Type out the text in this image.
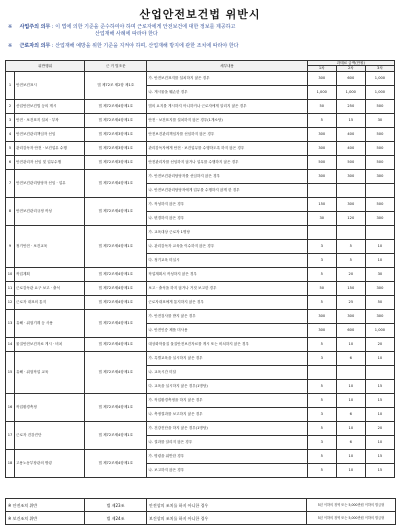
산업안전보건법 위반시
※ 사업주의 의무 : 이 법에 의한 기준을 준수하여야 하며 근로자에게 안전보건에 대한 정보를 제공하고
산업재해 사례에 따라야 한다
※ 근로자의 의무 : 산업재해 예방을 위한 기준을 지켜야 하며, 산업재해 방지에 관한 조치에 따라야 한다
위반행위		근 거 법조문	세부내용	과태료 금액(만원)		
				1차	2차	3차
1	안전보건표시	법 제72조 제2항 제1호	가. 안전보건표지를 설치하지 않은 경우	300	600	1,000
			나. 게시물을 훼손한 경우	1,000	1,000	1,000
2	산업안전보건법 등의 게시	법 제72조제4항제1호	법의 요지를 게시하지 아니하거나 근로자에게 알리지 않은 경우	50	250	500
3	안전 · 보건표지 설치 · 부착	법 제72조제4항제1호	안전 · 보건표지를 설치하지 않은 경우(1개소당)	5	15	30
4	안전보건관리책임자 선임	법 제72조제3항제1호	안전보건관리책임자를 선임하지 않은 경우	300	400	500
5	관리감독자 안전 · 보건업무 수행	법 제72조제3항제1호	관리감독자에게 안전 · 보건업무를 수행하도록 하지 않은 경우	300	400	500
6	안전관리자 선임 및 업무수행	법 제72조제3항제1호	안전관리자를 선임하지 않거나 업무를 수행하지 않은 경우	500	500	500
7	안전보건관리담당자 선임 · 업무	법 제72조제4항제1호	가. 안전보건관리담당자를 선임하지 않은 경우	300	300	300
			나. 안전보건관리담당자에게 업무를 수행하지 않게 한 경우			
8	안전보건관리규정 작성	법 제72조제4항제1호	가. 작성하지 않은 경우	150	300	500
			나. 변경하지 않은 경우	30	120	300
9	정기안전 · 보건교육	법 제72조제4항제1호	가. 교육대상 근로자 1명당			
			나. 관리감독자 교육을 이수하지 않은 경우	3	5	10
			다. 정기교육 미실시	3	5	10
10	작업계획	법 제72조제4항제1호	작업계획서 작성하지 않은 경우	5	20	30
11	근로감독관 요구 보고 · 출석	법 제72조제4항제1호	보고 · 출석을 하지 않거나 거짓 보고한 경우	50	150	300
12	근로자 대표의 통지	법 제72조제4항제1호	근로자대표에게 통지하지 않은 경우	5	25	50
13	유해 · 위험기계 등 사용	법 제72조제4항제1호	가. 안전검사를 받지 않은 경우	300	300	300
			나. 안전인증 제품 미사용	300	600	1,000
14	물질안전보건자료 게시 · 비치	법 제72조제4항제1호	대상화학물질 물질안전보건자료를 게시 또는 비치하지 않은 경우	5	10	20
15	유해 · 위험작업 교육	법 제72조제4항제1호	가. 특별교육을 실시하지 않은 경우	3	6	10
			나. 교육시간 미달			
			다. 교육을 실시하지 않은 경우(1명당)	5	10	15
16	작업환경측정	법 제72조제4항제1호	가. 작업환경측정을 하지 않은 경우	5	10	15
			나. 측정결과를 보고하지 않은 경우	3	6	10
17	근로자 건강진단	법 제72조제4항제1호	가. 건강진단을 하지 않은 경우(1명당)	5	10	20
			나. 결과를 알리지 않은 경우	3	6	10
18	고용노동부장관의 명령	법 제72조제4항제1호	가. 명령을 위반한 경우	5	10	15
			나. 보고하지 않은 경우	5	10	15
※ 안전조치 위반	법 제23조	안전상의 조치를 하지 아니한 경우	5년 이하의 징역 또는 5,000만원 이하의 벌금형
※ 보건조치 위반	법 제24조	보건상의 조치를 하지 아니한 경우	5년 이하의 징역 또는 5,000만원 이하의 벌금형
